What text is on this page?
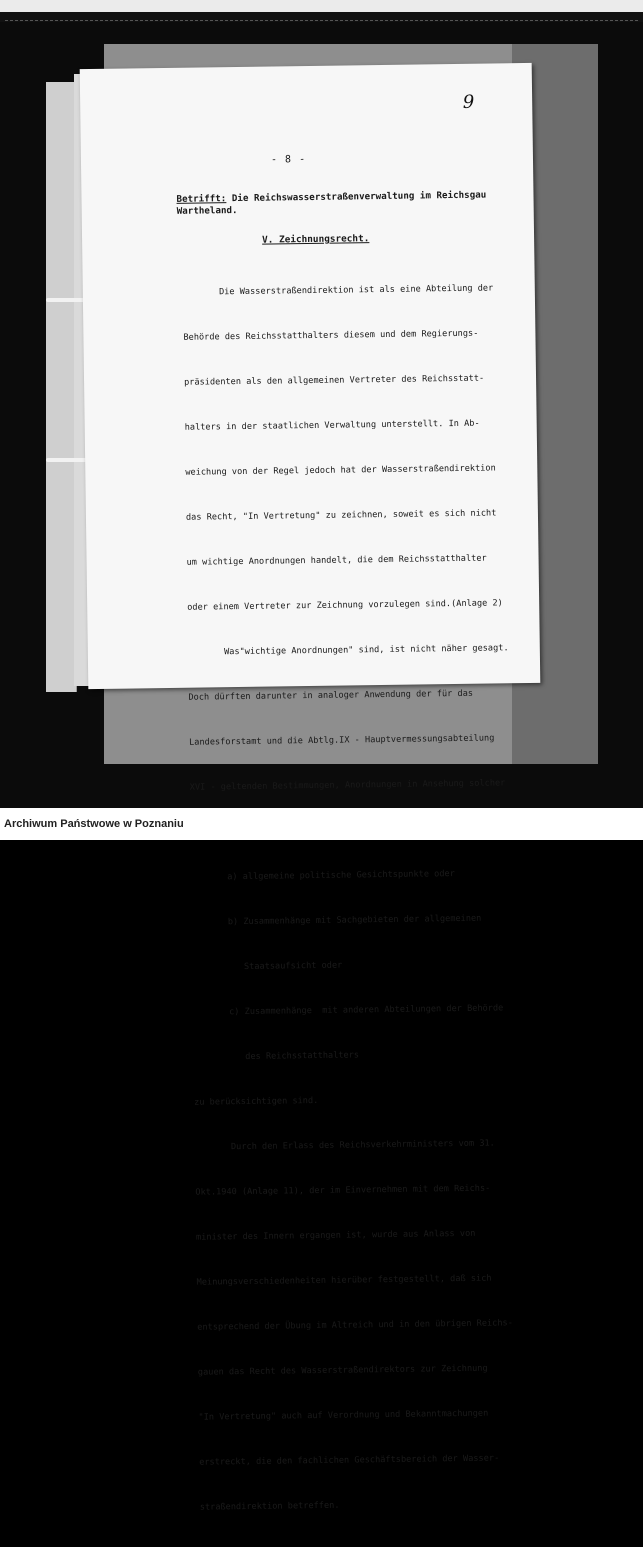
9
- 8 -
Betrifft: Die Reichswasserstraßenverwaltung im Reichsgau Wartheland.
V. Zeichnungsrecht.

Die Wasserstraßendirektion ist als eine Abteilung der

Behörde des Reichsstatthalters diesem und dem Regierungs-

präsidenten als den allgemeinen Vertreter des Reichsstatt-

halters in der staatlichen Verwaltung unterstellt. In Ab-

weichung von der Regel jedoch hat der Wasserstraßendirektion

das Recht, "In Vertretung" zu zeichnen, soweit es sich nicht

um wichtige Anordnungen handelt, die dem Reichsstatthalter

oder einem Vertreter zur Zeichnung vorzulegen sind.(Anlage 2)

Was"wichtige Anordnungen" sind, ist nicht näher gesagt.

Doch dürften darunter in analoger Anwendung der für das

Landesforstamt und die Abtlg.IX - Hauptvermessungsabteilung

XVI - geltenden Bestimmungen, Anordnungen in Ansehung solcher

a) allgemeine politische Gesichtspunkte oder

b) Zusammenhänge mit Sachgebieten der allgemeinen

Staatsaufsicht oder

c) Zusammenhänge  mit anderen Abteilungen der Behörde

des Reichsstatthalters

zu berücksichtigen sind.

Durch den Erlass des Reichsverkehrministers vom 31.

Okt.1940 (Anlage 11), der im Einvernehmen mit dem Reichs-

minister des Innern ergangen ist, wurde aus Anlass von

Meinungsverschiedenheiten hierüber festgestellt, daß sich

entsprechend der Übung im Altreich und in den übrigen Reichs-

gauen das Recht des Wasserstraßendirektors zur Zeichnung

"In Vertretung" auch auf Verordnung und Bekanntmachungen

erstreckt, die den fachlichen Geschäftsbereich der Wasser-

straßendirektion betreffen.

Archiwum Państwowe w Poznaniu
